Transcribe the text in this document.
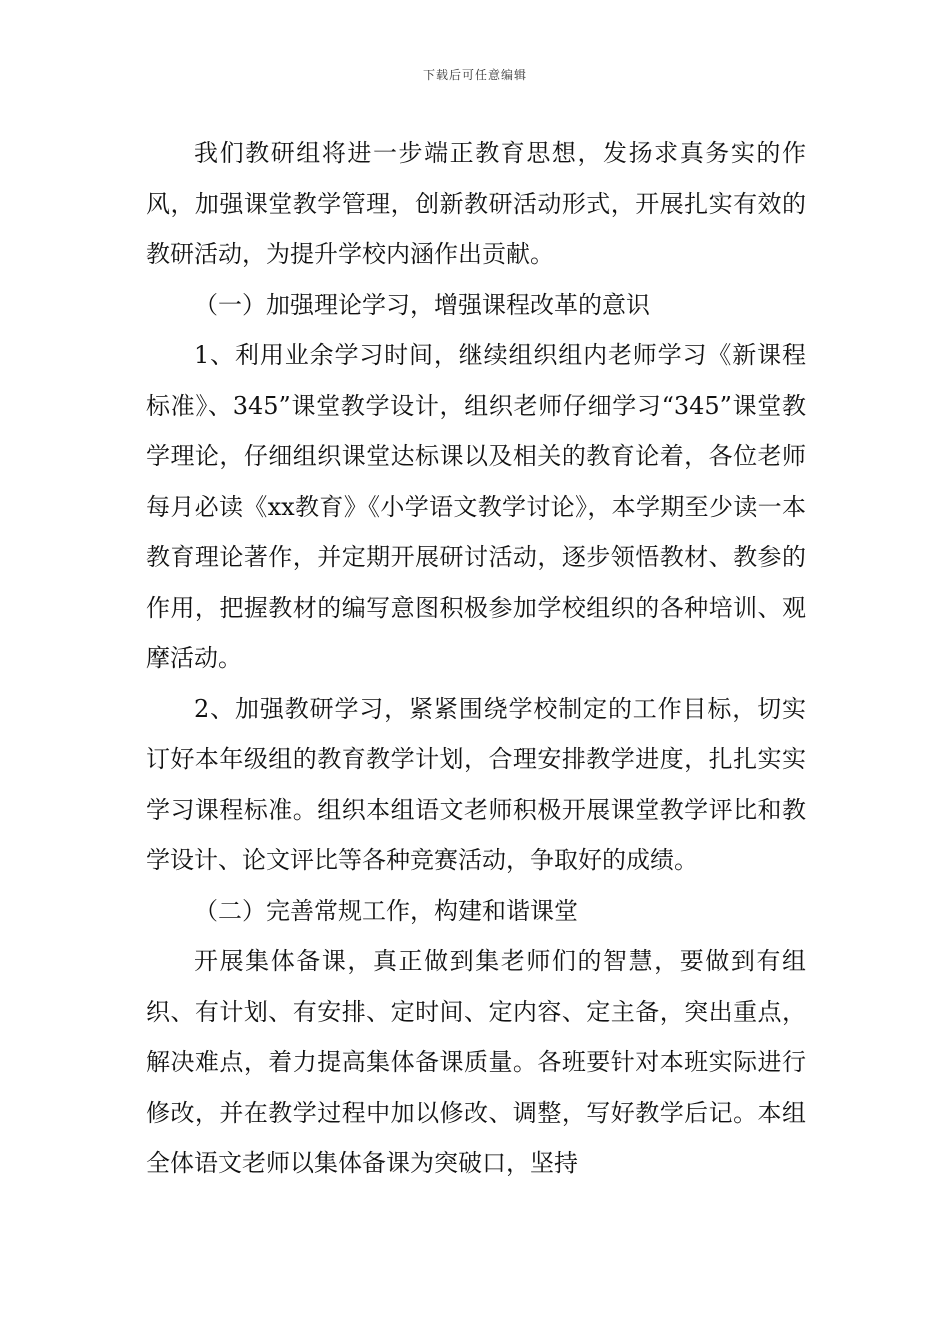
下载后可任意编辑

我们教研组将进一步端正教育思想，发扬求真务实的作风，加强课堂教学管理，创新教研活动形式，开展扎实有效的教研活动，为提升学校内涵作出贡献。

（一）加强理论学习，增强课程改革的意识

1、利用业余学习时间，继续组织组内老师学习《新课程标准》、345”课堂教学设计，组织老师仔细学习“345”课堂教学理论，仔细组织课堂达标课以及相关的教育论着，各位老师每月必读《xx教育》《小学语文教学讨论》，本学期至少读一本教育理论著作，并定期开展研讨活动，逐步领悟教材、教参的作用，把握教材的编写意图积极参加学校组织的各种培训、观摩活动。

2、加强教研学习，紧紧围绕学校制定的工作目标，切实订好本年级组的教育教学计划，合理安排教学进度，扎扎实实学习课程标准。组织本组语文老师积极开展课堂教学评比和教学设计、论文评比等各种竞赛活动，争取好的成绩。

（二）完善常规工作，构建和谐课堂

开展集体备课，真正做到集老师们的智慧，要做到有组织、有计划、有安排、定时间、定内容、定主备，突出重点，解决难点，着力提高集体备课质量。各班要针对本班实际进行修改，并在教学过程中加以修改、调整，写好教学后记。本组全体语文老师以集体备课为突破口，坚持
